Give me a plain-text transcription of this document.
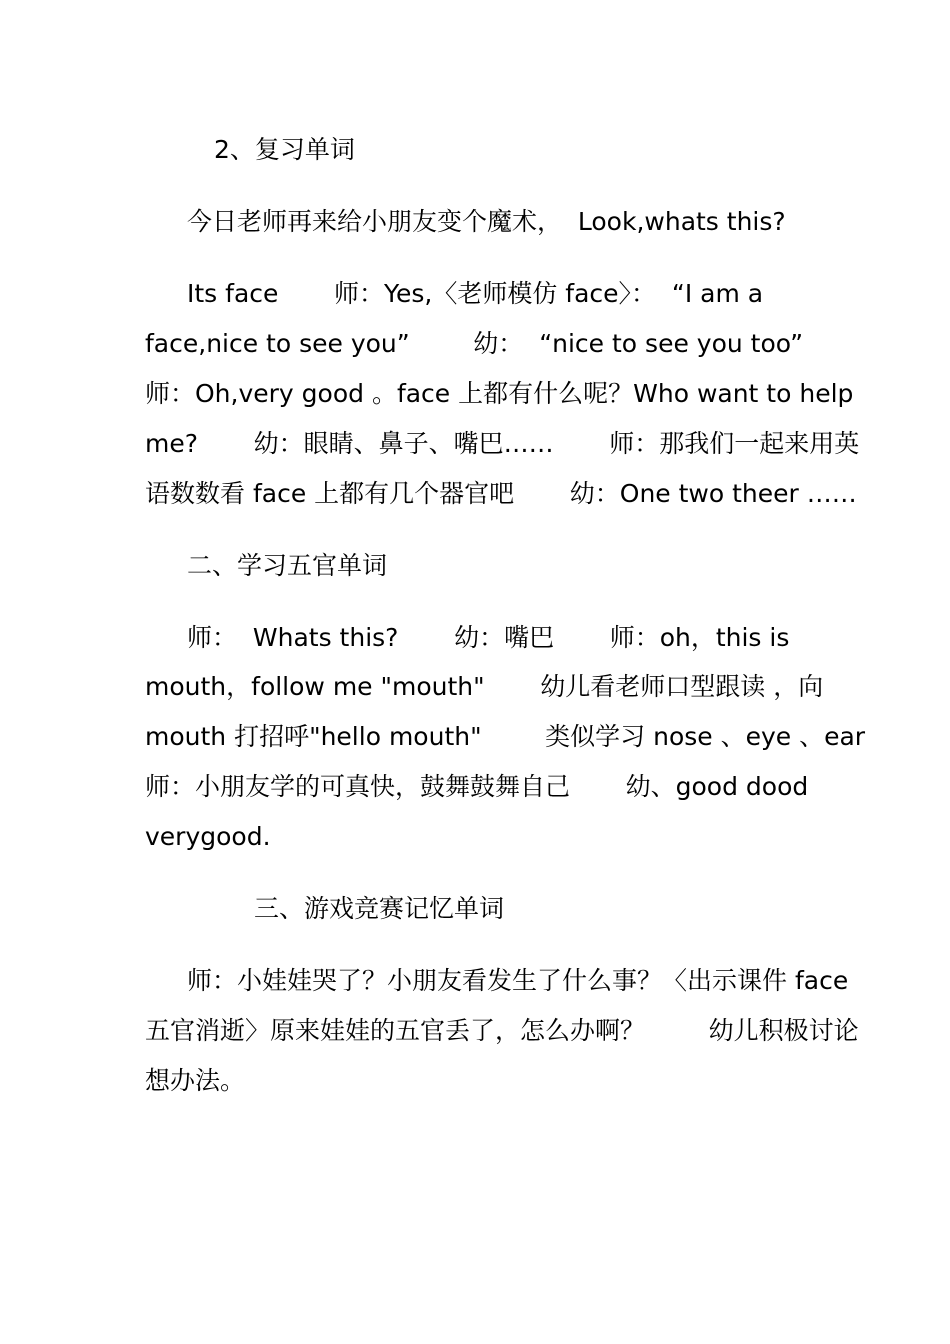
2、复习单词
今日老师再来给小朋友变个魔术，  Look,whats this?
Its face       师：Yes,〈老师模仿 face〉：  “I am a
face,nice to see you”        幼：  “nice to see you too”
师：Oh,very good 。face 上都有什么呢？Who want to help
me?       幼：眼睛、鼻子、嘴巴……       师：那我们一起来用英
语数数看 face 上都有几个器官吧       幼：One two theer ……
二、学习五官单词
师：  Whats this?       幼：嘴巴       师：oh，this is
mouth，follow me "mouth"       幼儿看老师口型跟读 ，向
mouth 打招呼"hello mouth"        类似学习 nose 、eye 、ear
师：小朋友学的可真快，鼓舞鼓舞自己       幼、good dood
verygood.
三、游戏竞赛记忆单词
师：小娃娃哭了？小朋友看发生了什么事？〈出示课件 face
五官消逝〉原来娃娃的五官丢了，怎么办啊？        幼儿积极讨论
想办法。
